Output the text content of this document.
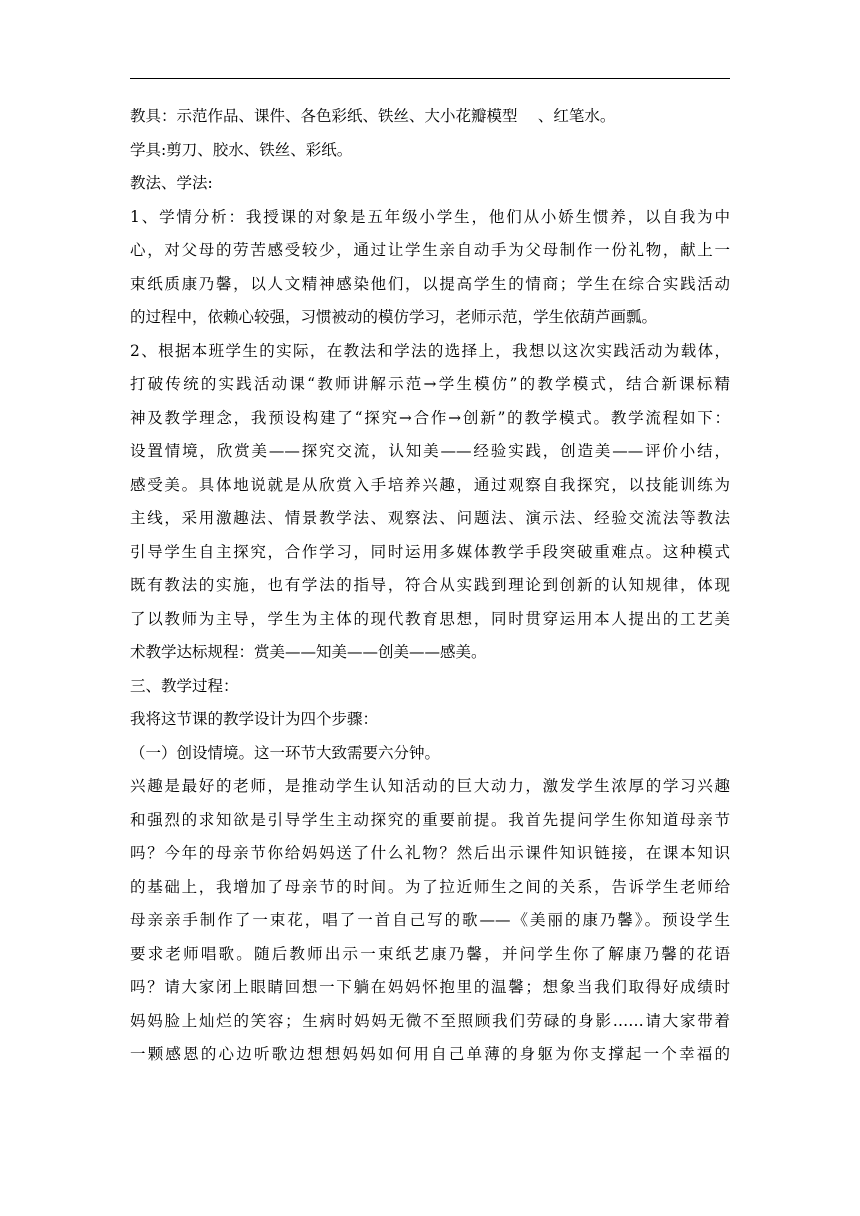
教具：示范作品、课件、各色彩纸、铁丝、大小花瓣模型　 、红笔水。
学具:剪刀、胶水、铁丝、彩纸。
教法、学法:
1、学情分析：我授课的对象是五年级小学生，他们从小娇生惯养，以自我为中
心，对父母的劳苦感受较少，通过让学生亲自动手为父母制作一份礼物，献上一
束纸质康乃馨，以人文精神感染他们，以提高学生的情商；学生在综合实践活动
的过程中，依赖心较强，习惯被动的模仿学习，老师示范，学生依葫芦画瓢。
2、根据本班学生的实际，在教法和学法的选择上，我想以这次实践活动为载体，
打破传统的实践活动课“教师讲解示范→学生模仿”的教学模式，结合新课标精
神及教学理念，我预设构建了“探究→合作→创新”的教学模式。教学流程如下：
设置情境，欣赏美——探究交流，认知美——经验实践，创造美——评价小结，
感受美。具体地说就是从欣赏入手培养兴趣，通过观察自我探究，以技能训练为
主线，采用激趣法、情景教学法、观察法、问题法、演示法、经验交流法等教法
引导学生自主探究，合作学习，同时运用多媒体教学手段突破重难点。这种模式
既有教法的实施，也有学法的指导，符合从实践到理论到创新的认知规律，体现
了以教师为主导，学生为主体的现代教育思想，同时贯穿运用本人提出的工艺美
术教学达标规程：赏美——知美——创美——感美。
三、教学过程：
我将这节课的教学设计为四个步骤：
（一）创设情境。这一环节大致需要六分钟。
兴趣是最好的老师，是推动学生认知活动的巨大动力，激发学生浓厚的学习兴趣
和强烈的求知欲是引导学生主动探究的重要前提。我首先提问学生你知道母亲节
吗？今年的母亲节你给妈妈送了什么礼物？然后出示课件知识链接，在课本知识
的基础上，我增加了母亲节的时间。为了拉近师生之间的关系，告诉学生老师给
母亲亲手制作了一束花，唱了一首自己写的歌——《美丽的康乃馨》。预设学生
要求老师唱歌。随后教师出示一束纸艺康乃馨，并问学生你了解康乃馨的花语
吗？请大家闭上眼睛回想一下躺在妈妈怀抱里的温馨；想象当我们取得好成绩时
妈妈脸上灿烂的笑容；生病时妈妈无微不至照顾我们劳碌的身影……请大家带着
一颗感恩的心边听歌边想想妈妈如何用自己单薄的身躯为你支撑起一个幸福的
